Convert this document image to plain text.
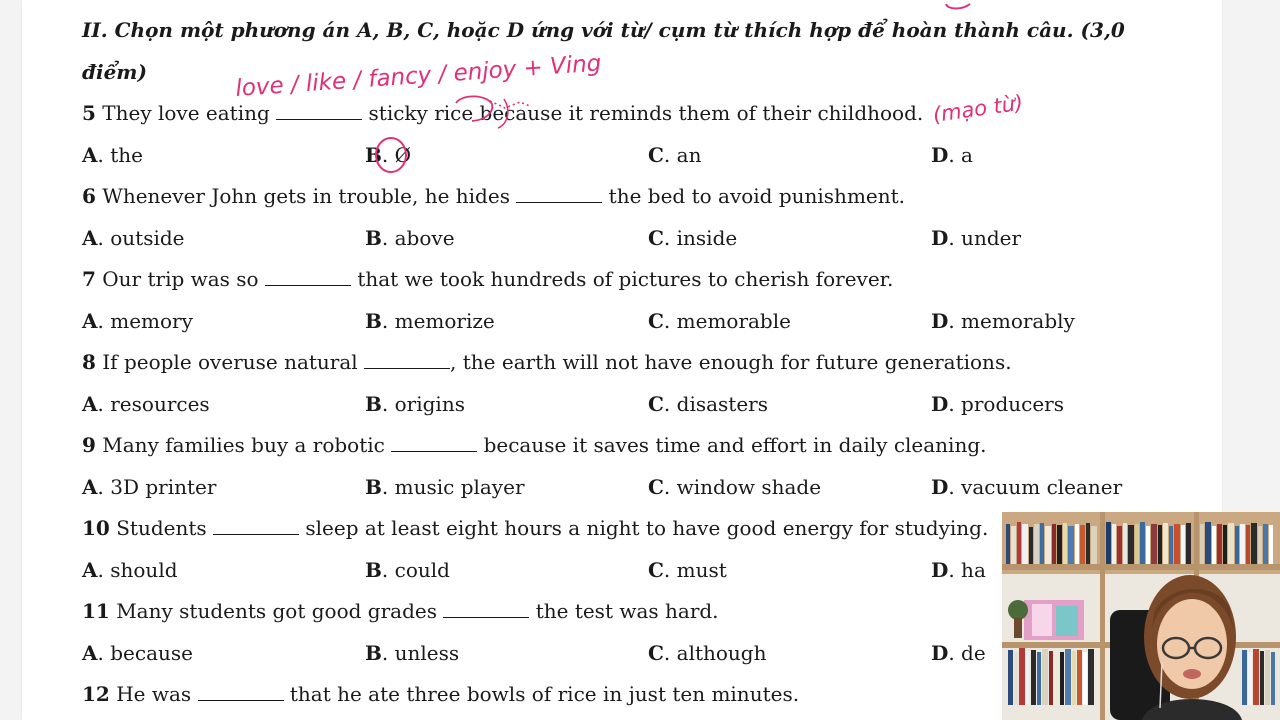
II. Chọn một phương án A, B, C, hoặc D ứng với từ/ cụm từ thích hợp để hoàn thành câu. (3,0
điểm)
5 They love eating	sticky rice because it reminds them of their childhood.
A. the	B. Ø	C. an	D. a
6 Whenever John gets in trouble, he hides	the bed to avoid punishment.
A. outside	B. above	C. inside	D. under
7 Our trip was so	that we took hundreds of pictures to cherish forever.
A. memory	B. memorize	C. memorable	D. memorably
8 If people overuse natural	, the earth will not have enough for future generations.
A. resources	B. origins	C. disasters	D. producers
9 Many families buy a robotic	because it saves time and effort in daily cleaning.
A. 3D printer	B. music player	C. window shade	D. vacuum cleaner
10 Students	sleep at least eight hours a night to have good energy for studying.
A. should	B. could	C. must	D. ha
11 Many students got good grades	the test was hard.
A. because	B. unless	C. although	D. de
12 He was	that he ate three bowls of rice in just ten minutes.
love / like / fancy / enjoy + Ving
(mạo từ)
